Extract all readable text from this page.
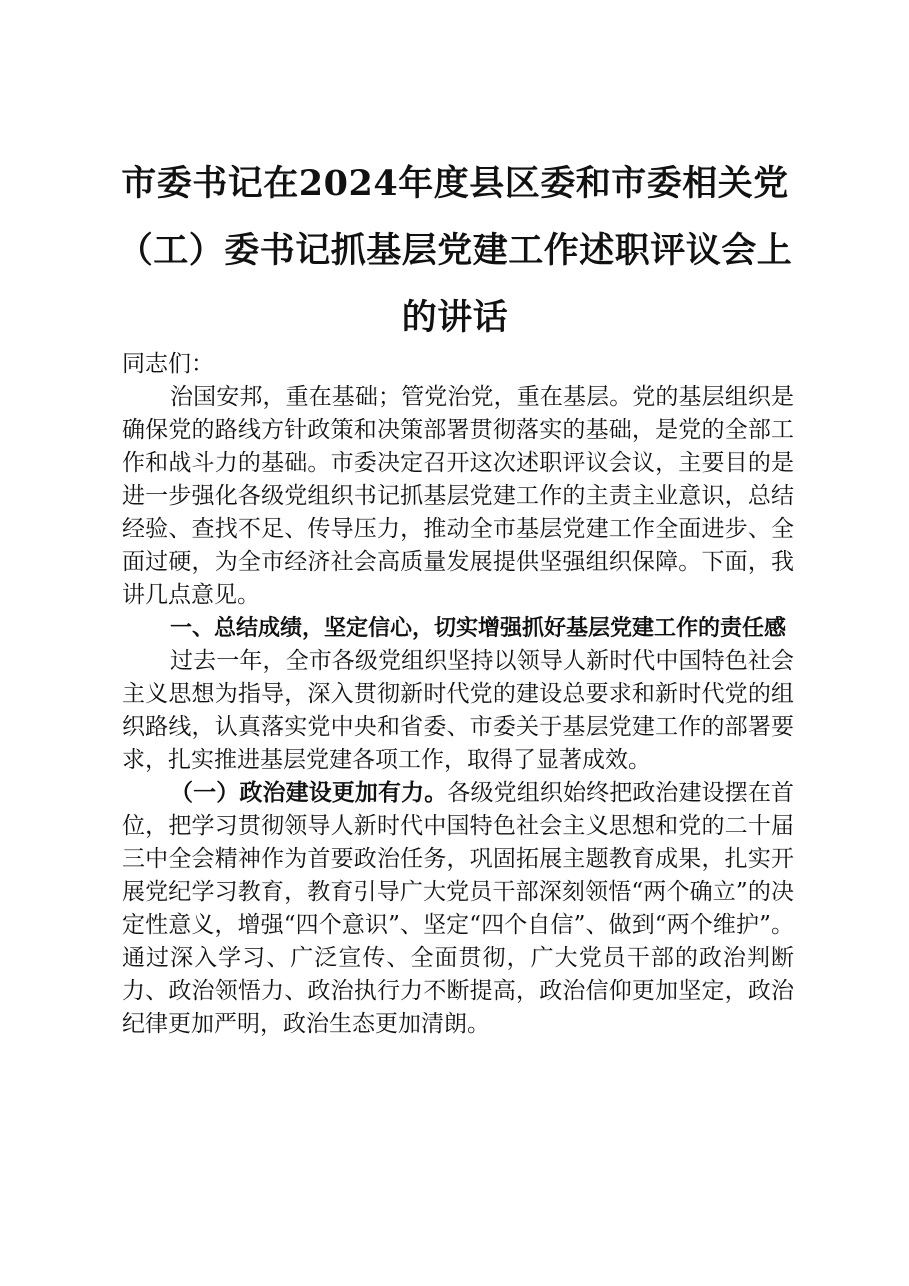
市委书记在2024年度县区委和市委相关党（工）委书记抓基层党建工作述职评议会上的讲话

同志们：

治国安邦，重在基础；管党治党，重在基层。党的基层组织是确保党的路线方针政策和决策部署贯彻落实的基础，是党的全部工作和战斗力的基础。市委决定召开这次述职评议会议，主要目的是进一步强化各级党组织书记抓基层党建工作的主责主业意识，总结经验、查找不足、传导压力，推动全市基层党建工作全面进步、全面过硬，为全市经济社会高质量发展提供坚强组织保障。下面，我讲几点意见。

一、总结成绩，坚定信心，切实增强抓好基层党建工作的责任感

过去一年，全市各级党组织坚持以领导人新时代中国特色社会主义思想为指导，深入贯彻新时代党的建设总要求和新时代党的组织路线，认真落实党中央和省委、市委关于基层党建工作的部署要求，扎实推进基层党建各项工作，取得了显著成效。

（一）政治建设更加有力。各级党组织始终把政治建设摆在首位，把学习贯彻领导人新时代中国特色社会主义思想和党的二十届三中全会精神作为首要政治任务，巩固拓展主题教育成果，扎实开展党纪学习教育，教育引导广大党员干部深刻领悟“两个确立”的决定性意义，增强“四个意识”、坚定“四个自信”、做到“两个维护”。通过深入学习、广泛宣传、全面贯彻，广大党员干部的政治判断力、政治领悟力、政治执行力不断提高，政治信仰更加坚定，政治纪律更加严明，政治生态更加清朗。
